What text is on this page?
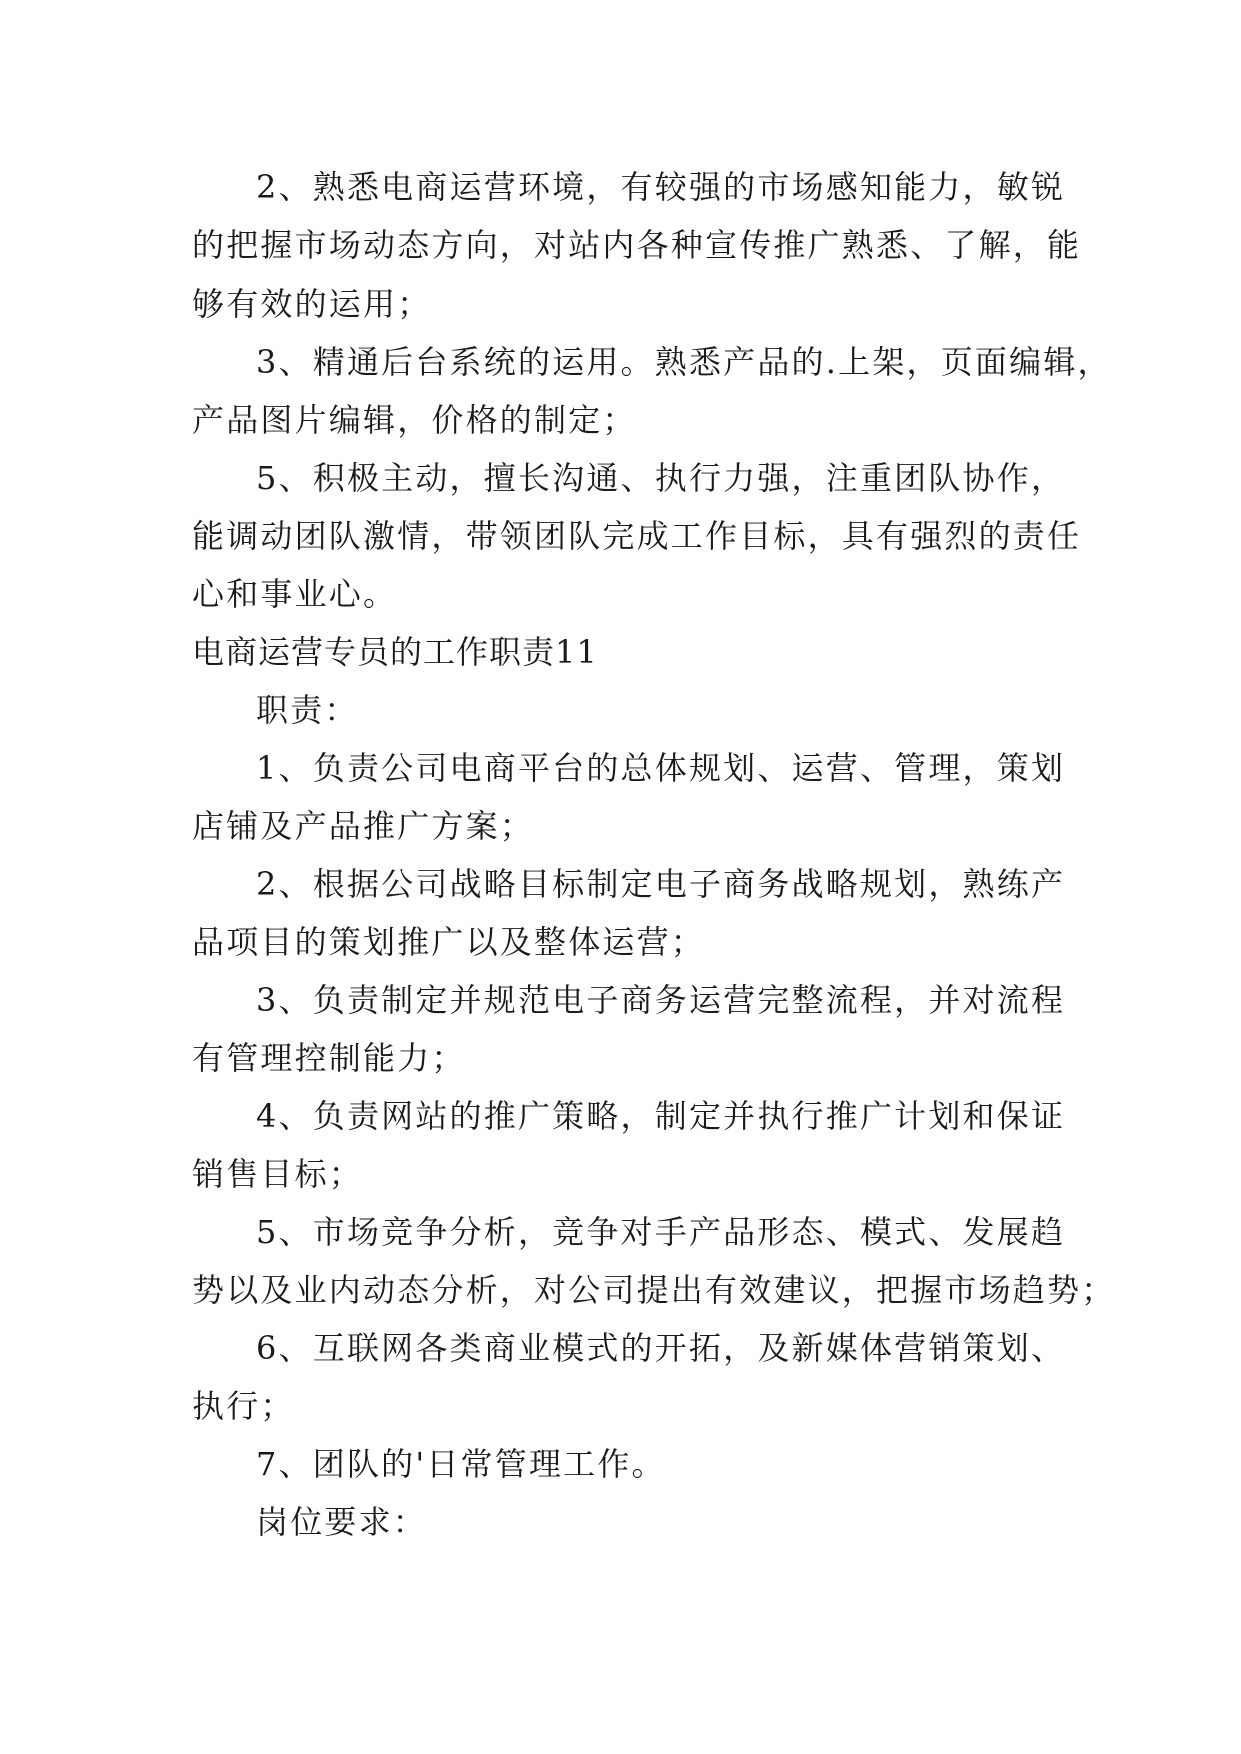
2、熟悉电商运营环境，有较强的市场感知能力，敏锐
的把握市场动态方向，对站内各种宣传推广熟悉、了解，能
够有效的运用；
3、精通后台系统的运用。熟悉产品的.上架，页面编辑，
产品图片编辑，价格的制定；
5、积极主动，擅长沟通、执行力强，注重团队协作，
能调动团队激情，带领团队完成工作目标，具有强烈的责任
心和事业心。
电商运营专员的工作职责11
职责：
1、负责公司电商平台的总体规划、运营、管理，策划
店铺及产品推广方案；
2、根据公司战略目标制定电子商务战略规划，熟练产
品项目的策划推广以及整体运营；
3、负责制定并规范电子商务运营完整流程，并对流程
有管理控制能力；
4、负责网站的推广策略，制定并执行推广计划和保证
销售目标；
5、市场竞争分析，竞争对手产品形态、模式、发展趋
势以及业内动态分析，对公司提出有效建议，把握市场趋势；
6、互联网各类商业模式的开拓，及新媒体营销策划、
执行；
7、团队的'日常管理工作。
岗位要求：
